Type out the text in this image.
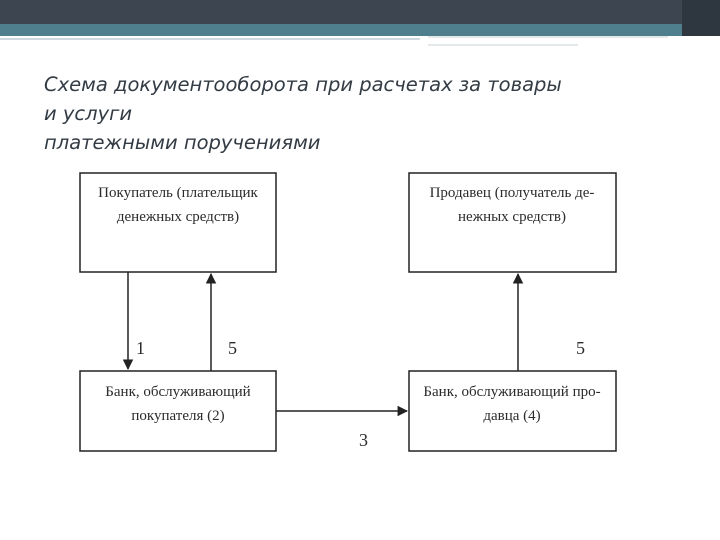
Схема документооборота при расчетах за товары
и услуги
платежными поручениями
Покупатель (плательщик
денежных средств)
Продавец (получатель де-
нежных средств)
Банк, обслуживающий
покупателя (2)
Банк, обслуживающий про-
давца (4)
1	5
3
5
